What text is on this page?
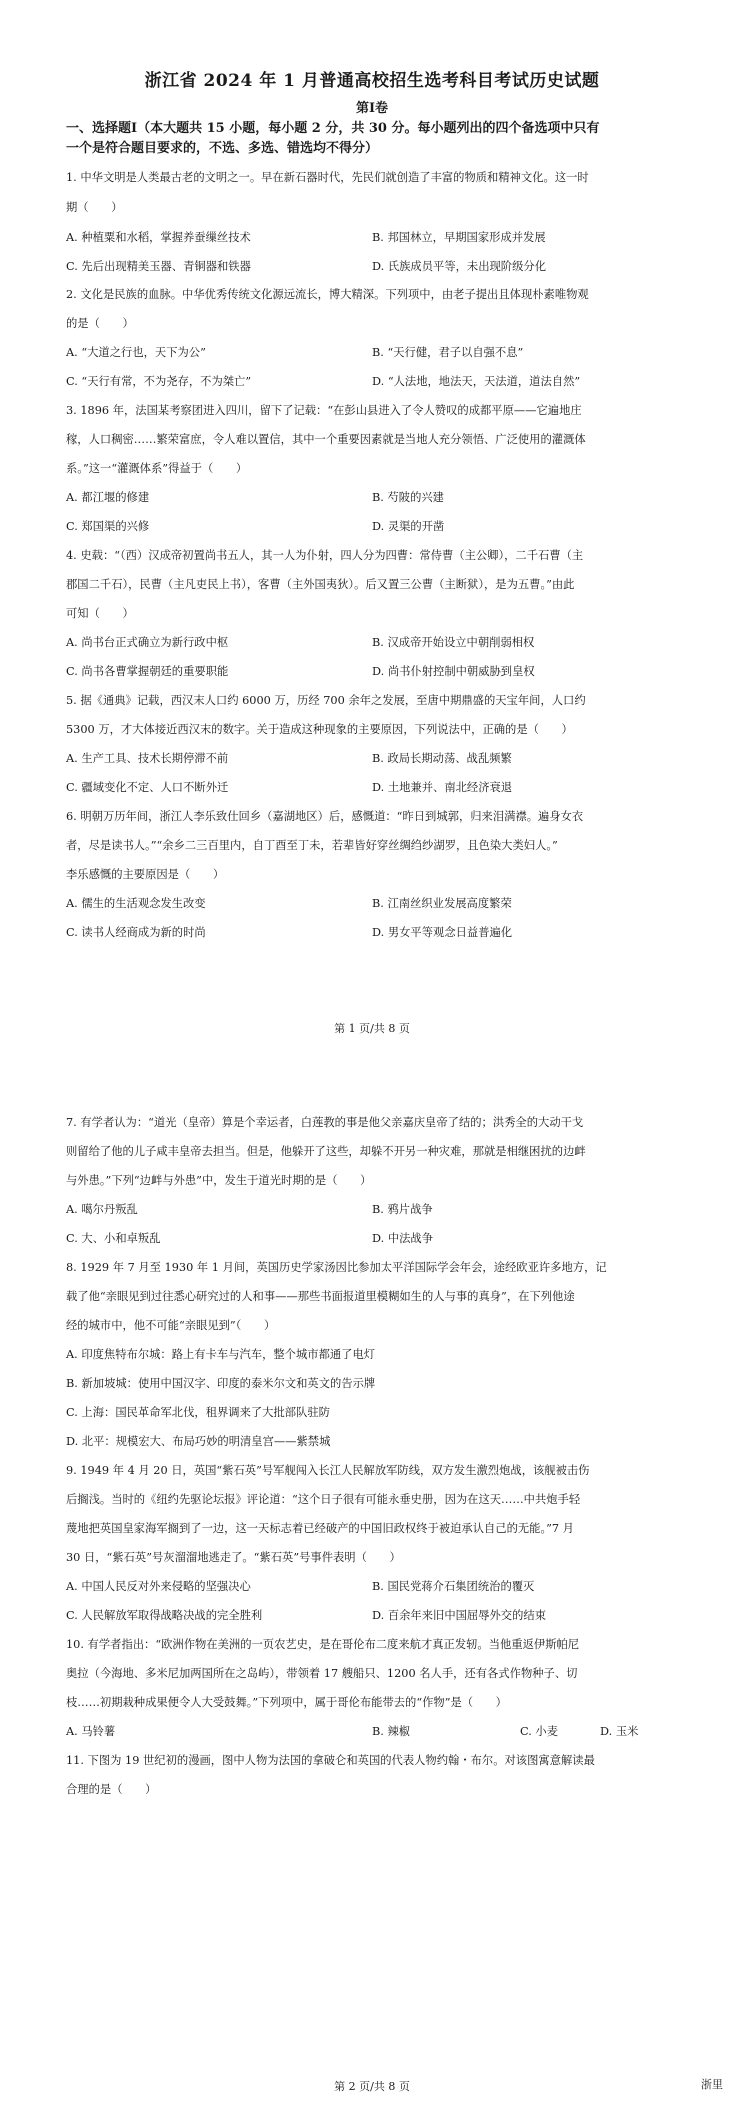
浙江省 2024 年 1 月普通高校招生选考科目考试历史试题
第Ⅰ卷
一、选择题Ⅰ（本大题共 15 小题，每小题 2 分，共 30 分。每小题列出的四个备选项中只有
一个是符合题目要求的，不选、多选、错选均不得分）
1. 中华文明是人类最古老的文明之一。早在新石器时代，先民们就创造了丰富的物质和精神文化。这一时
期（　　）
A. 种植粟和水稻，掌握养蚕缫丝技术	B. 邦国林立，早期国家形成并发展
C. 先后出现精美玉器、青铜器和铁器	D. 氏族成员平等，未出现阶级分化
2. 文化是民族的血脉。中华优秀传统文化源远流长，博大精深。下列项中，由老子提出且体现朴素唯物观
的是（　　）
A. “大道之行也，天下为公”	B. “天行健，君子以自强不息”
C. “天行有常，不为尧存，不为桀亡”	D. “人法地，地法天，天法道，道法自然”
3. 1896 年，法国某考察团进入四川，留下了记载：“在彭山县进入了令人赞叹的成都平原——它遍地庄
稼，人口稠密……繁荣富庶，令人难以置信，其中一个重要因素就是当地人充分领悟、广泛使用的灌溉体
系。”这一“灌溉体系”得益于（　　）
A. 都江堰的修建	B. 芍陂的兴建
C. 郑国渠的兴修	D. 灵渠的开凿
4. 史载：“（西）汉成帝初置尚书五人，其一人为仆射，四人分为四曹：常侍曹（主公卿），二千石曹（主
郡国二千石），民曹（主凡吏民上书），客曹（主外国夷狄）。后又置三公曹（主断狱），是为五曹。”由此
可知（　　）
A. 尚书台正式确立为新行政中枢	B. 汉成帝开始设立中朝削弱相权
C. 尚书各曹掌握朝廷的重要职能	D. 尚书仆射控制中朝威胁到皇权
5. 据《通典》记载，西汉末人口约 6000 万，历经 700 余年之发展，至唐中期鼎盛的天宝年间，人口约
5300 万，才大体接近西汉末的数字。关于造成这种现象的主要原因，下列说法中，正确的是（　　）
A. 生产工具、技术长期停滞不前	B. 政局长期动荡、战乱频繁
C. 疆域变化不定、人口不断外迁	D. 土地兼并、南北经济衰退
6. 明朝万历年间，浙江人李乐致仕回乡（嘉湖地区）后，感慨道：“昨日到城郭，归来泪满襟。遍身女衣
者，尽是读书人。”“余乡二三百里内，自丁酉至丁未，若辈皆好穿丝绸绉纱湖罗，且色染大类妇人。”
李乐感慨的主要原因是（　　）
A. 儒生的生活观念发生改变	B. 江南丝织业发展高度繁荣
C. 读书人经商成为新的时尚	D. 男女平等观念日益普遍化
第 1 页/共 8 页
7. 有学者认为：“道光（皇帝）算是个幸运者，白莲教的事是他父亲嘉庆皇帝了结的；洪秀全的大动干戈
则留给了他的儿子咸丰皇帝去担当。但是，他躲开了这些，却躲不开另一种灾难，那就是相继困扰的边衅
与外患。”下列“边衅与外患”中，发生于道光时期的是（　　）
A. 噶尔丹叛乱	B. 鸦片战争
C. 大、小和卓叛乱	D. 中法战争
8. 1929 年 7 月至 1930 年 1 月间，英国历史学家汤因比参加太平洋国际学会年会，途经欧亚许多地方，记
载了他“亲眼见到过往悉心研究过的人和事——那些书面报道里模糊如生的人与事的真身”，在下列他途
经的城市中，他不可能“亲眼见到”（　　）
A. 印度焦特布尔城：路上有卡车与汽车，整个城市都通了电灯
B. 新加坡城：使用中国汉字、印度的泰米尔文和英文的告示牌
C. 上海：国民革命军北伐，租界调来了大批部队驻防
D. 北平：规模宏大、布局巧妙的明清皇宫——紫禁城
9. 1949 年 4 月 20 日，英国“紫石英”号军舰闯入长江人民解放军防线，双方发生激烈炮战，该舰被击伤
后搁浅。当时的《纽约先驱论坛报》评论道：“这个日子很有可能永垂史册，因为在这天……中共炮手轻
蔑地把英国皇家海军搁到了一边，这一天标志着已经破产的中国旧政权终于被迫承认自己的无能。”7 月
30 日，“紫石英”号灰溜溜地逃走了。“紫石英”号事件表明（　　）
A. 中国人民反对外来侵略的坚强决心	B. 国民党蒋介石集团统治的覆灭
C. 人民解放军取得战略决战的完全胜利	D. 百余年来旧中国屈辱外交的结束
10. 有学者指出：“欧洲作物在美洲的一页农艺史，是在哥伦布二度来航才真正发轫。当他重返伊斯帕尼
奥拉（今海地、多米尼加两国所在之岛屿），带领着 17 艘船只、1200 名人手，还有各式作物种子、切
枝……初期栽种成果便令人大受鼓舞。”下列项中，属于哥伦布能带去的“作物”是（　　）
A. 马铃薯	B. 辣椒	C. 小麦	D. 玉米
11. 下图为 19 世纪初的漫画，图中人物为法国的拿破仑和英国的代表人物约翰・布尔。对该图寓意解读最
合理的是（　　）
第 2 页/共 8 页	浙里
